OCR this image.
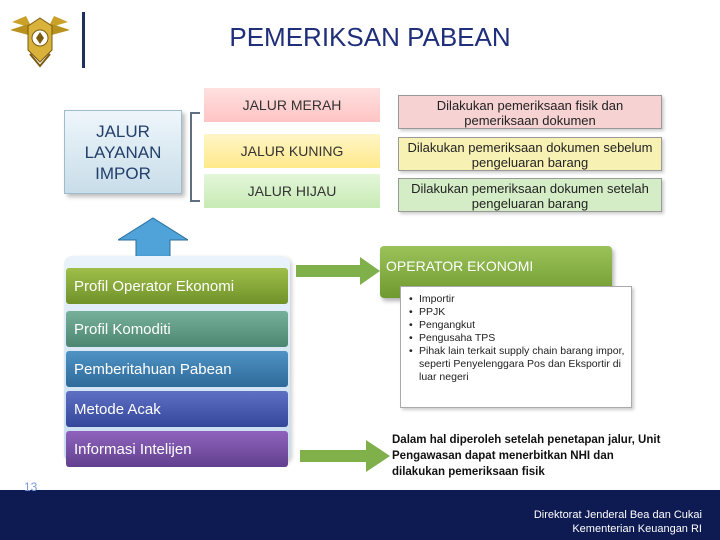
PEMERIKSAN PABEAN
JALUR
LAYANAN
IMPOR
JALUR MERAH
JALUR KUNING
JALUR HIJAU
Dilakukan pemeriksaan fisik dan pemeriksaan dokumen
Dilakukan pemeriksaan dokumen sebelum pengeluaran barang
Dilakukan pemeriksaan dokumen setelah pengeluaran barang
Profil Operator Ekonomi
Profil Komoditi
Pemberitahuan Pabean
Metode Acak
Informasi Intelijen
OPERATOR EKONOMI
• Importir
• PPJK
• Pengangkut
• Pengusaha TPS
• Pihak lain terkait supply chain barang impor, seperti Penyelenggara Pos dan Eksportir di luar negeri
Dalam hal diperoleh setelah penetapan jalur, Unit Pengawasan dapat menerbitkan NHI dan dilakukan pemeriksaan fisik
13
Direktorat Jenderal Bea dan Cukai
Kementerian Keuangan RI
